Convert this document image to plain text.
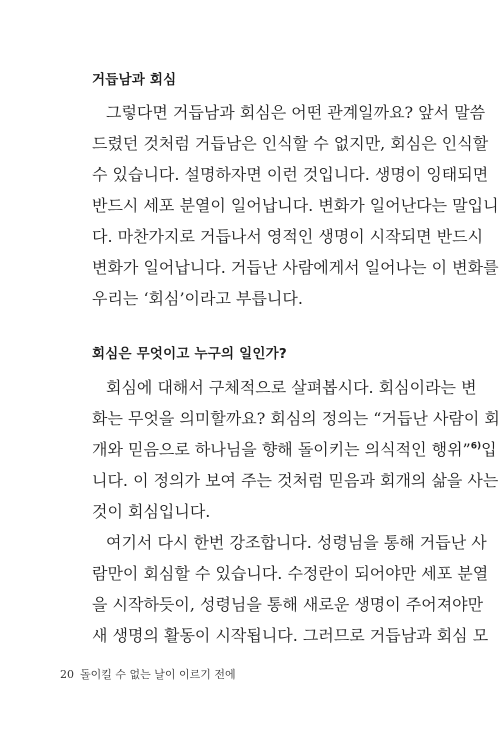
거듭남과 회심
그렇다면 거듭남과 회심은 어떤 관계일까요? 앞서 말씀
드렸던 것처럼 거듭남은 인식할 수 없지만, 회심은 인식할
수 있습니다. 설명하자면 이런 것입니다. 생명이 잉태되면
반드시 세포 분열이 일어납니다. 변화가 일어난다는 말입니
다. 마찬가지로 거듭나서 영적인 생명이 시작되면 반드시
변화가 일어납니다. 거듭난 사람에게서 일어나는 이 변화를
우리는 ‘회심’이라고 부릅니다.
회심은 무엇이고 누구의 일인가?
회심에 대해서 구체적으로 살펴봅시다. 회심이라는 변
화는 무엇을 의미할까요? 회심의 정의는 “거듭난 사람이 회
개와 믿음으로 하나님을 향해 돌이키는 의식적인 행위”$^{6)}$입
니다. 이 정의가 보여 주는 것처럼 믿음과 회개의 삶을 사는
것이 회심입니다.
여기서 다시 한번 강조합니다. 성령님을 통해 거듭난 사
람만이 회심할 수 있습니다. 수정란이 되어야만 세포 분열
을 시작하듯이, 성령님을 통해 새로운 생명이 주어져야만
새 생명의 활동이 시작됩니다. 그러므로 거듭남과 회심 모
20 돌이킬 수 없는 날이 이르기 전에
